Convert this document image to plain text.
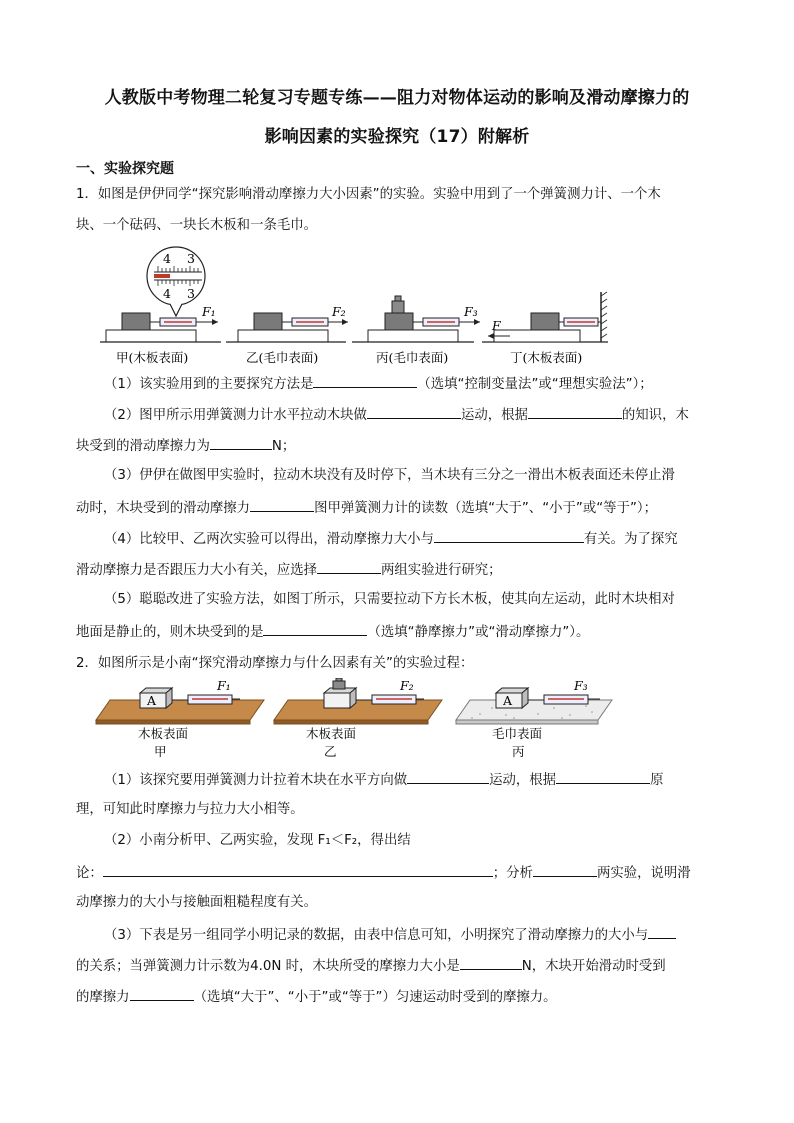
人教版中考物理二轮复习专题专练——阻力对物体运动的影响及滑动摩擦力的
影响因素的实验探究（17）附解析
一、实验探究题
1．如图是伊伊同学“探究影响滑动摩擦力大小因素”的实验。实验中用到了一个弹簧测力计、一个木
块、一个砝码、一块长木板和一条毛巾。
4 3
4 3
F₁	F₂	F₃
F
甲(木板表面)	乙(毛巾表面)	丙(毛巾表面)	丁(木板表面)
（1）该实验用到的主要探究方法是	（选填“控制变量法”或“理想实验法”）；
（2）图甲所示用弹簧测力计水平拉动木块做	运动，根据	的知识，木
块受到的滑动摩擦力为	N；
（3）伊伊在做图甲实验时，拉动木块没有及时停下，当木块有三分之一滑出木板表面还未停止滑
动时，木块受到的滑动摩擦力	图甲弹簧测力计的读数（选填“大于”、“小于”或“等于”）；
（4）比较甲、乙两次实验可以得出，滑动摩擦力大小与	有关。为了探究
滑动摩擦力是否跟压力大小有关，应选择	两组实验进行研究；
（5）聪聪改进了实验方法，如图丁所示，只需要拉动下方长木板，使其向左运动，此时木块相对
地面是静止的，则木块受到的是	（选填“静摩擦力”或“滑动摩擦力”）。
2．如图所示是小南“探究滑动摩擦力与什么因素有关”的实验过程：
A
F₁	F₂
A
F₃
木板表面
甲
木板表面
乙
毛巾表面
丙
（1）该探究要用弹簧测力计拉着木块在水平方向做	运动，根据	原
理，可知此时摩擦力与拉力大小相等。
（2）小南分析甲、乙两实验，发现 F₁＜F₂，得出结
论：	；分析	两实验，说明滑
动摩擦力的大小与接触面粗糙程度有关。
（3）下表是另一组同学小明记录的数据，由表中信息可知，小明探究了滑动摩擦力的大小与
的关系；当弹簧测力计示数为4.0N 时，木块所受的摩擦力大小是	N，木块开始滑动时受到
的摩擦力	（选填“大于”、“小于”或“等于”）匀速运动时受到的摩擦力。
